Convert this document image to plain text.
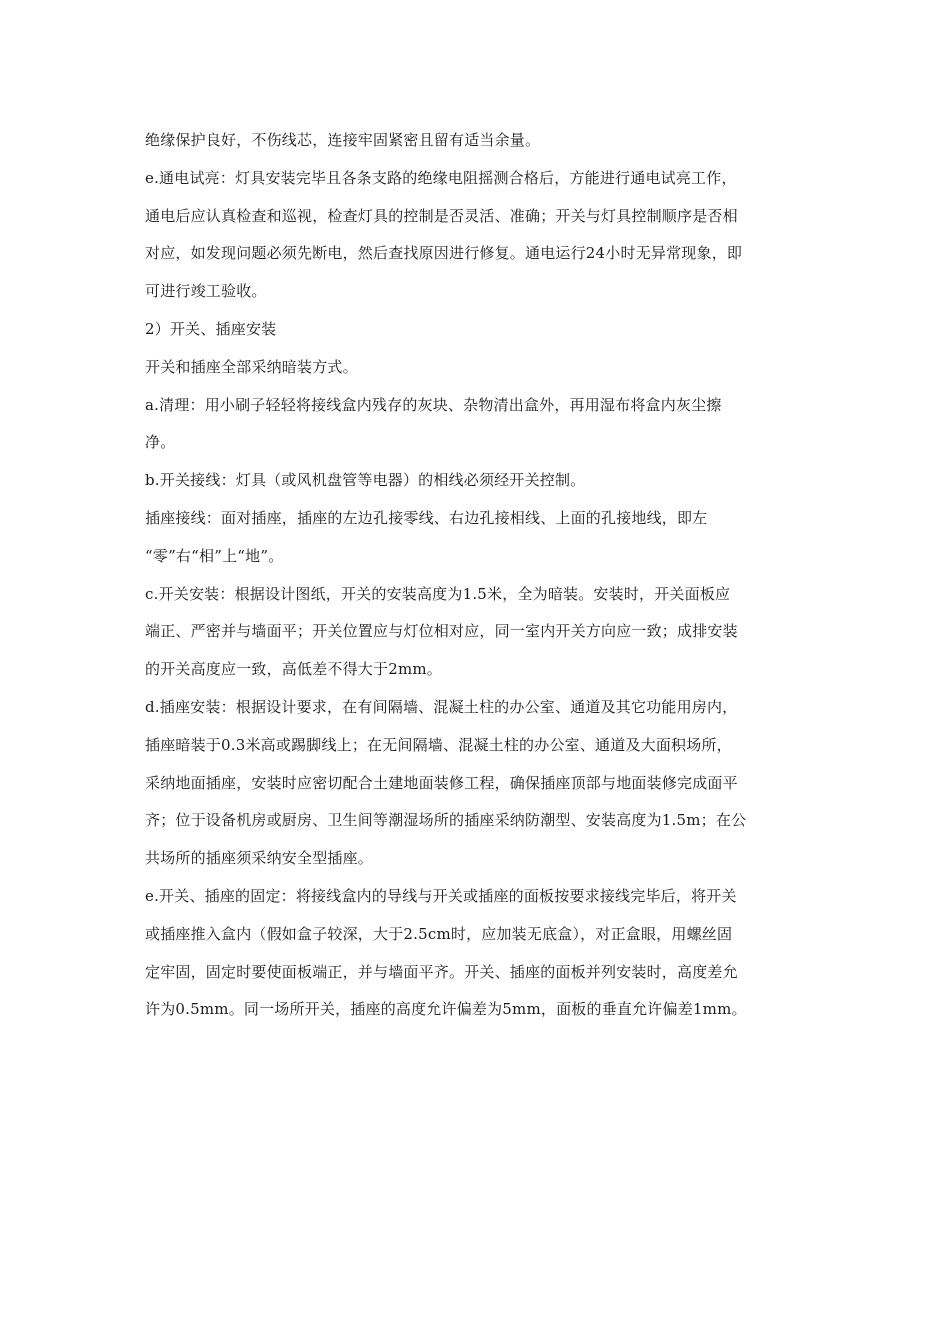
绝缘保护良好，不伤线芯，连接牢固紧密且留有适当余量。
e.通电试亮：灯具安装完毕且各条支路的绝缘电阻摇测合格后，方能进行通电试亮工作，
通电后应认真检查和巡视，检查灯具的控制是否灵活、准确；开关与灯具控制顺序是否相
对应，如发现问题必须先断电，然后查找原因进行修复。通电运行24小时无异常现象，即
可进行竣工验收。
2）开关、插座安装
开关和插座全部采纳暗装方式。
a.清理：用小刷子轻轻将接线盒内残存的灰块、杂物清出盒外，再用湿布将盒内灰尘擦
净。
b.开关接线：灯具（或风机盘管等电器）的相线必须经开关控制。
插座接线：面对插座，插座的左边孔接零线、右边孔接相线、上面的孔接地线，即左
“零”右“相”上“地”。
c.开关安装：根据设计图纸，开关的安装高度为1.5米，全为暗装。安装时，开关面板应
端正、严密并与墙面平；开关位置应与灯位相对应，同一室内开关方向应一致；成排安装
的开关高度应一致，高低差不得大于2mm。
d.插座安装：根据设计要求，在有间隔墙、混凝土柱的办公室、通道及其它功能用房内，
插座暗装于0.3米高或踢脚线上；在无间隔墙、混凝土柱的办公室、通道及大面积场所，
采纳地面插座，安装时应密切配合土建地面装修工程，确保插座顶部与地面装修完成面平
齐；位于设备机房或厨房、卫生间等潮湿场所的插座采纳防潮型、安装高度为1.5m；在公
共场所的插座须采纳安全型插座。
e.开关、插座的固定：将接线盒内的导线与开关或插座的面板按要求接线完毕后，将开关
或插座推入盒内（假如盒子较深，大于2.5cm时，应加装无底盒），对正盒眼，用螺丝固
定牢固，固定时要使面板端正，并与墙面平齐。开关、插座的面板并列安装时，高度差允
许为0.5mm。同一场所开关，插座的高度允许偏差为5mm，面板的垂直允许偏差1mm。
